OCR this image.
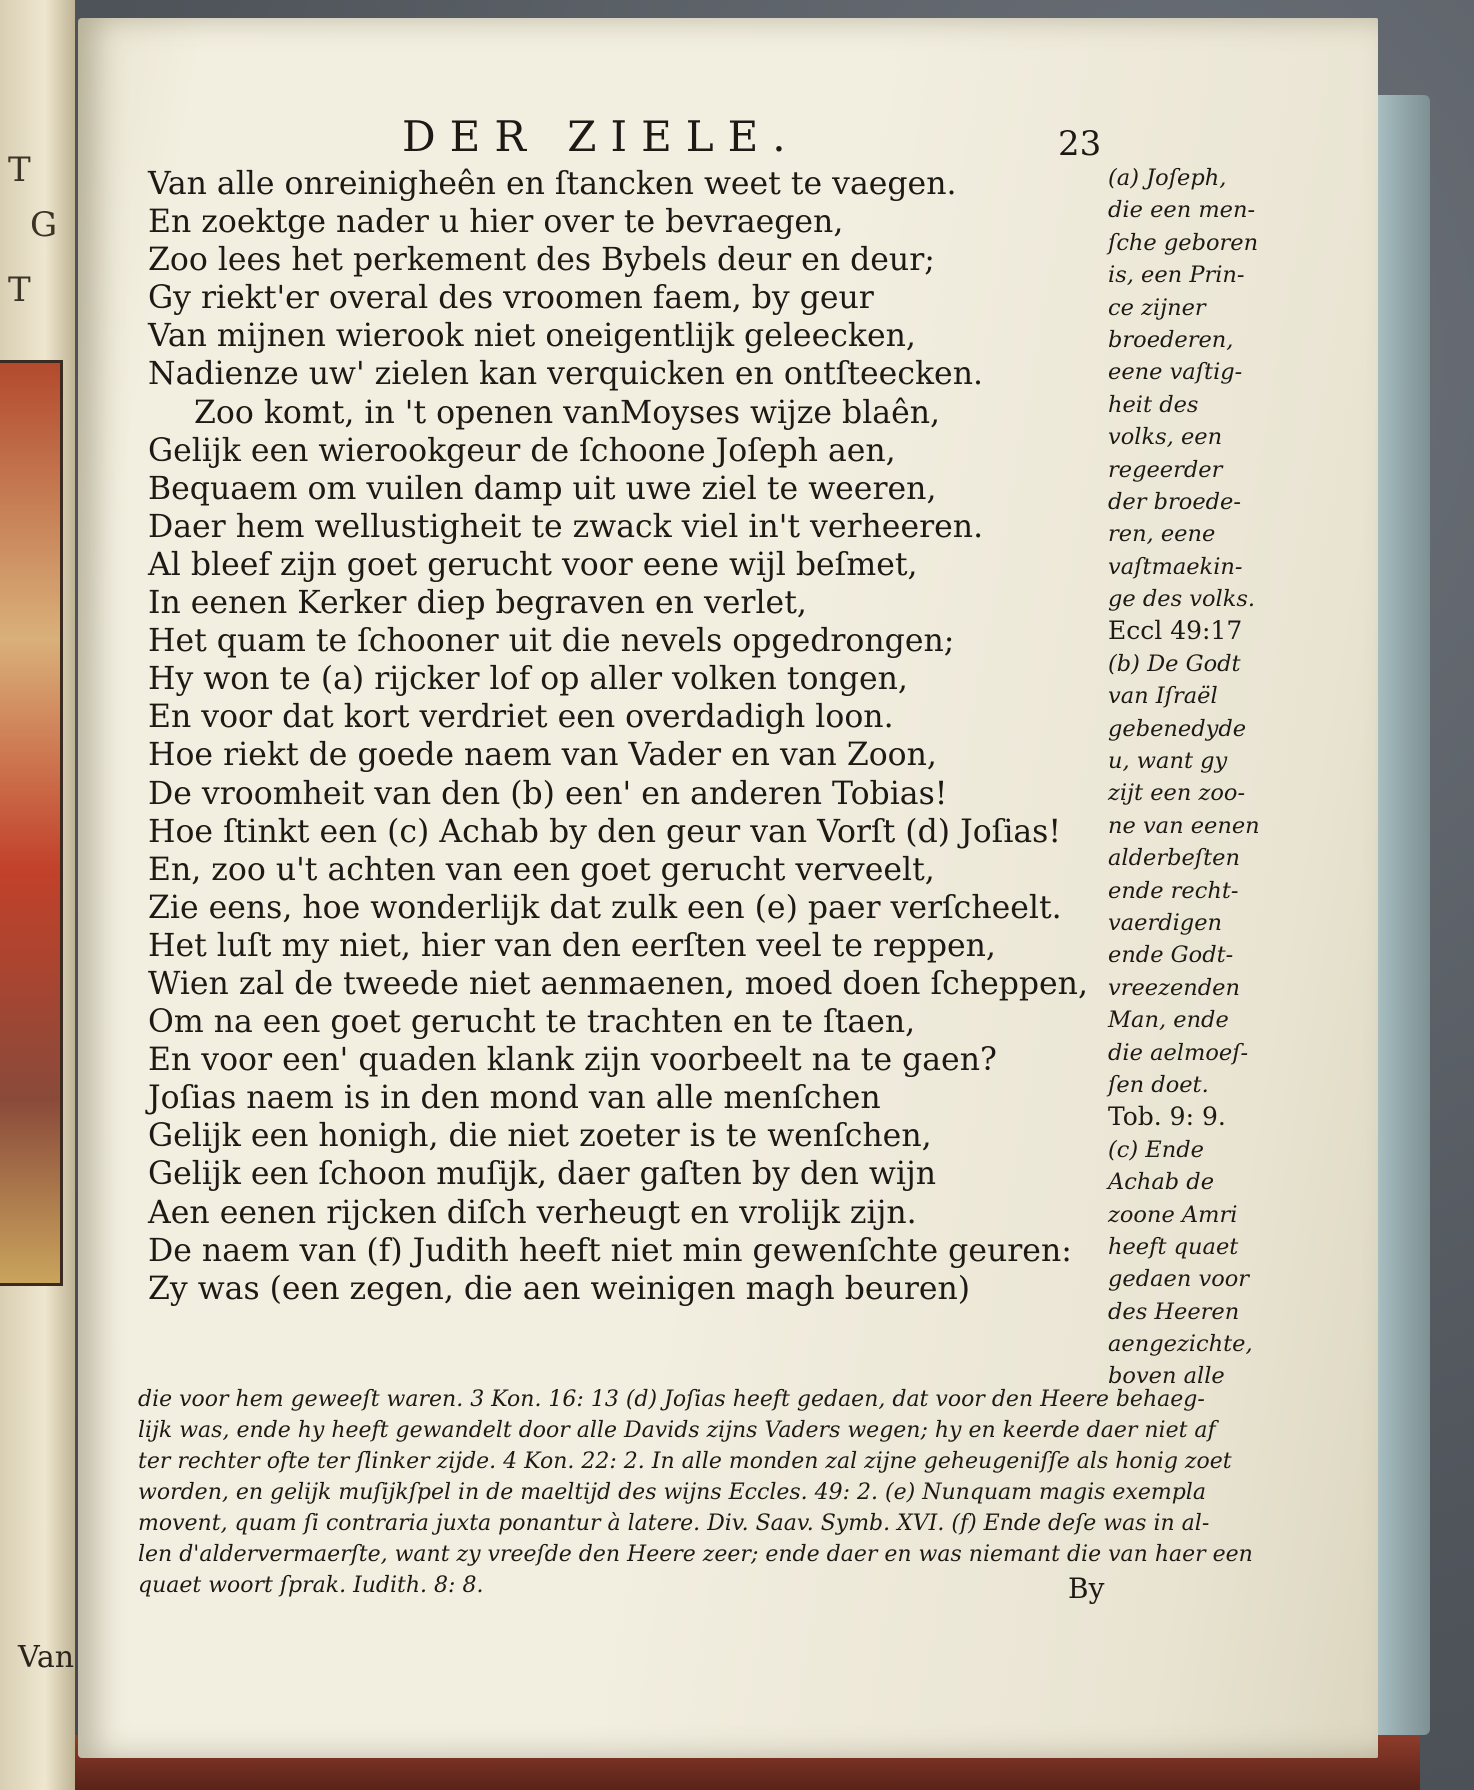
T
G
T
Van
DER ZIELE.	23
Van alle onreinigheên en ſtancken weet te vaegen.
En zoektge nader u hier over te bevraegen,
Zoo lees het perkement des Bybels deur en deur;
Gy riekt'er overal des vroomen faem, by geur
Van mijnen wierook niet oneigentlijk geleecken,
Nadienze uw' zielen kan verquicken en ontſteecken.
Zoo komt, in 't openen vanMoyses wijze blaên,
Gelijk een wierookgeur de ſchoone Joſeph aen,
Bequaem om vuilen damp uit uwe ziel te weeren,
Daer hem wellustigheit te zwack viel in't verheeren.
Al bleef zijn goet gerucht voor eene wijl beſmet,
In eenen Kerker diep begraven en verlet,
Het quam te ſchooner uit die nevels opgedrongen;
Hy won te (a) rijcker lof op aller volken tongen,
En voor dat kort verdriet een overdadigh loon.
Hoe riekt de goede naem van Vader en van Zoon,
De vroomheit van den (b) een' en anderen Tobias!
Hoe ſtinkt een (c) Achab by den geur van Vorſt (d) Joſias!
En, zoo u't achten van een goet gerucht verveelt,
Zie eens, hoe wonderlijk dat zulk een (e) paer verſcheelt.
Het luſt my niet, hier van den eerſten veel te reppen,
Wien zal de tweede niet aenmaenen, moed doen ſcheppen,
Om na een goet gerucht te trachten en te ſtaen,
En voor een' quaden klank zijn voorbeelt na te gaen?
Joſias naem is in den mond van alle menſchen
Gelijk een honigh, die niet zoeter is te wenſchen,
Gelijk een ſchoon muſijk, daer gaſten by den wijn
Aen eenen rijcken diſch verheugt en vrolijk zijn.
De naem van (f) Judith heeft niet min gewenſchte geuren:
Zy was (een zegen, die aen weinigen magh beuren)
(a) Joſeph,
die een men-
ſche geboren
is, een Prin-
ce zijner
broederen,
eene vaſtig-
heit des
volks, een
regeerder
der broede-
ren, eene
vaſtmaekin-
ge des volks.
Eccl 49:17
(b) De Godt
van Iſraël
gebenedyde
u, want gy
zijt een zoo-
ne van eenen
alderbeſten
ende recht-
vaerdigen
ende Godt-
vreezenden
Man, ende
die aelmoeſ-
ſen doet.
Tob. 9: 9.
(c) Ende
Achab de
zoone Amri
heeft quaet
gedaen voor
des Heeren
aengezichte,
boven alle
die voor hem geweeſt waren. 3 Kon. 16: 13 (d) Joſias heeft gedaen, dat voor den Heere behaeg-
lijk was, ende hy heeft gewandelt door alle Davids zijns Vaders wegen; hy en keerde daer niet af
ter rechter ofte ter ſlinker zijde. 4 Kon. 22: 2. In alle monden zal zijne geheugeniſſe als honig zoet
worden, en gelijk muſijkſpel in de maeltijd des wijns Eccles. 49: 2. (e) Nunquam magis exempla
movent, quam ſi contraria juxta ponantur à latere. Div. Saav. Symb. XVI. (f) Ende deſe was in al-
len d'aldervermaerſte, want zy vreeſde den Heere zeer; ende daer en was niemant die van haer een
quaet woort ſprak. Iudith. 8: 8.	By
